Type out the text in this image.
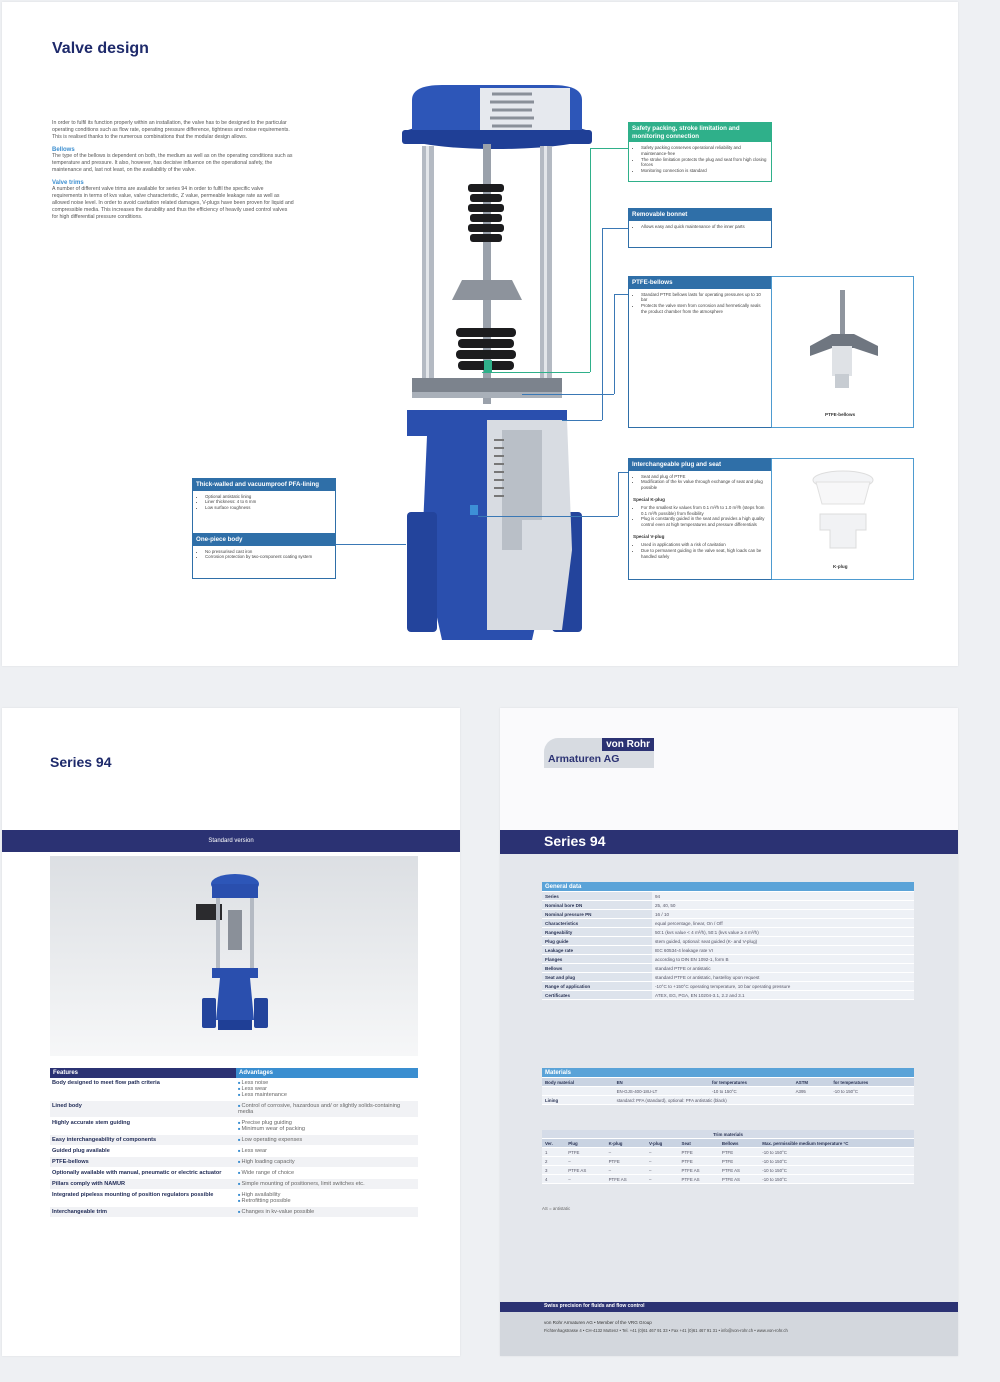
Valve design
In order to fulfil its function properly within an installation, the valve has to be designed to the particular operating conditions such as flow rate, operating pressure difference, tightness and noise requirements. This is realised thanks to the numerous combinations that the modular design allows.
Bellows
The type of the bellows is dependent on both, the medium as well as on the operating conditions such as temperature and pressure. It also, however, has decisive influence on the operational safety, the maintenance and, last not least, on the availability of the valve.
Valve trims
A number of different valve trims are available for series 94 in order to fulfil the specific valve requirements in terms of kvs value, valve characteristic, Z value, permeable leakage rate as well as allowed noise level. In order to avoid cavitation related damages, V-plugs have been proven for liquid and compressible media. This increases the durability and thus the efficiency of heavily used control valves for high differential pressure conditions.
Safety packing, stroke limitation and monitoring connection
• Safety packing conserves operational reliability and maintenance-free
• The stroke limitation protects the plug and seat from high closing forces
• Monitoring connection is standard
Removable bonnet
• Allows easy and quick maintenance of the inner parts
PTFE-bellows
• Standard PTFE bellows lasts for operating pressures up to 10 bar
• Protects the valve stem from corrosion and hermetically seals the product chamber from the atmosphere
PTFE-bellows
Interchangeable plug and seat
• Seat and plug of PTFE
• Modification of the kv value through exchange of seat and plug possible
Special K-plug
• For the smallest kv values from 0.1 m³/h to 1.0 m³/h (steps from 0.1 m³/h possible) from flexibility
• Plug is constantly guided in the seat and provides a high quality control even at high temperatures and pressure differentials
Special V-plug
• Used in applications with a risk of cavitation
• Due to permanent guiding in the valve seat, high loads can be handled safely
K-plug
Thick-walled and vacuumproof PFA-lining
• Optional antistatic lining
• Liner thickness: 4 to 6 mm
• Low surface roughness
One-piece body
• No pressurised cast iron
• Corrosion protection by two-component coating system
Series 94
Standard version
Features	Advantages
Body designed to meet flow path criteria	■ Less noise
■ Less wear
■ Less maintenance

Lined body	■ Control of corrosive, hazardous and/ or slightly solids-containing media

Highly accurate stem guiding	■ Precise plug guiding
■ Minimum wear of packing

Easy interchangeability of components	■ Low operating expenses

Guided plug available	■ Less wear

PTFE-bellows	■ High loading capacity

Optionally available with manual, pneumatic or electric actuator	■ Wide range of choice

Pillars comply with NAMUR	■ Simple mounting of positioners, limit switches etc.

Integrated pipeless mounting of position regulators possible	■ High availability
■ Retrofitting possible

Interchangeable trim	■ Changes in kv-value possible
von Rohr
Armaturen AG
Series 94
General data	
Series	94
Nominal bore DN	25, 40, 50
Nominal pressure PN	16 / 10
Characteristics	equal percentage, linear, On / Off
Rangeability	50:1 (kvs value < 4 m³/h), 50:1 (kvs value ≥ 4 m³/h)
Plug guide	stem guided, optional: seat guided (K- and V-plug)
Leakage rate	IEC 60534-4 leakage rate VI
Flanges	according to DIN EN 1092-1, form B
Bellows	standard PTFE or antistatic
Seat and plug	standard PTFE or antistatic, hastelloy upon request
Range of application	-10°C to +150°C operating temperature, 10 bar operating pressure
Certificates	ATEX, EG, PGA, EN 10204-3.1, 2.2 and 3.1
Materials				
Body material	EN	for temperatures	ASTM	for temperatures
	EN-GJS-400-18U-LT	-10 to 150°C	A395	-10 to 150°C
Lining	standard: PFA (standard), optional: PFA antistatic (black)			
Trim materials						
Ver.	Plug	K-plug	V-plug	Seat	Bellows	Max. permissible medium temperature °C
1	PTFE	–	–	PTFE	PTFE	-10 to 150°C
2	–	PTFE	–	PTFE	PTFE	-10 to 150°C
3	PTFE AS	–	–	PTFE AS	PTFE AS	-10 to 150°C
4	–	PTFE AS	–	PTFE AS	PTFE AS	-10 to 150°C
AS = antistatic
Swiss precision for fluids and flow control
von Rohr Armaturen AG • Member of the VRG Group
Fichtenhagstrasse 4 • CH-4132 Muttenz • Tel. +41 (0)61 467 91 33 • Fax +41 (0)61 467 91 31 • info@von-rohr.ch • www.von-rohr.ch
